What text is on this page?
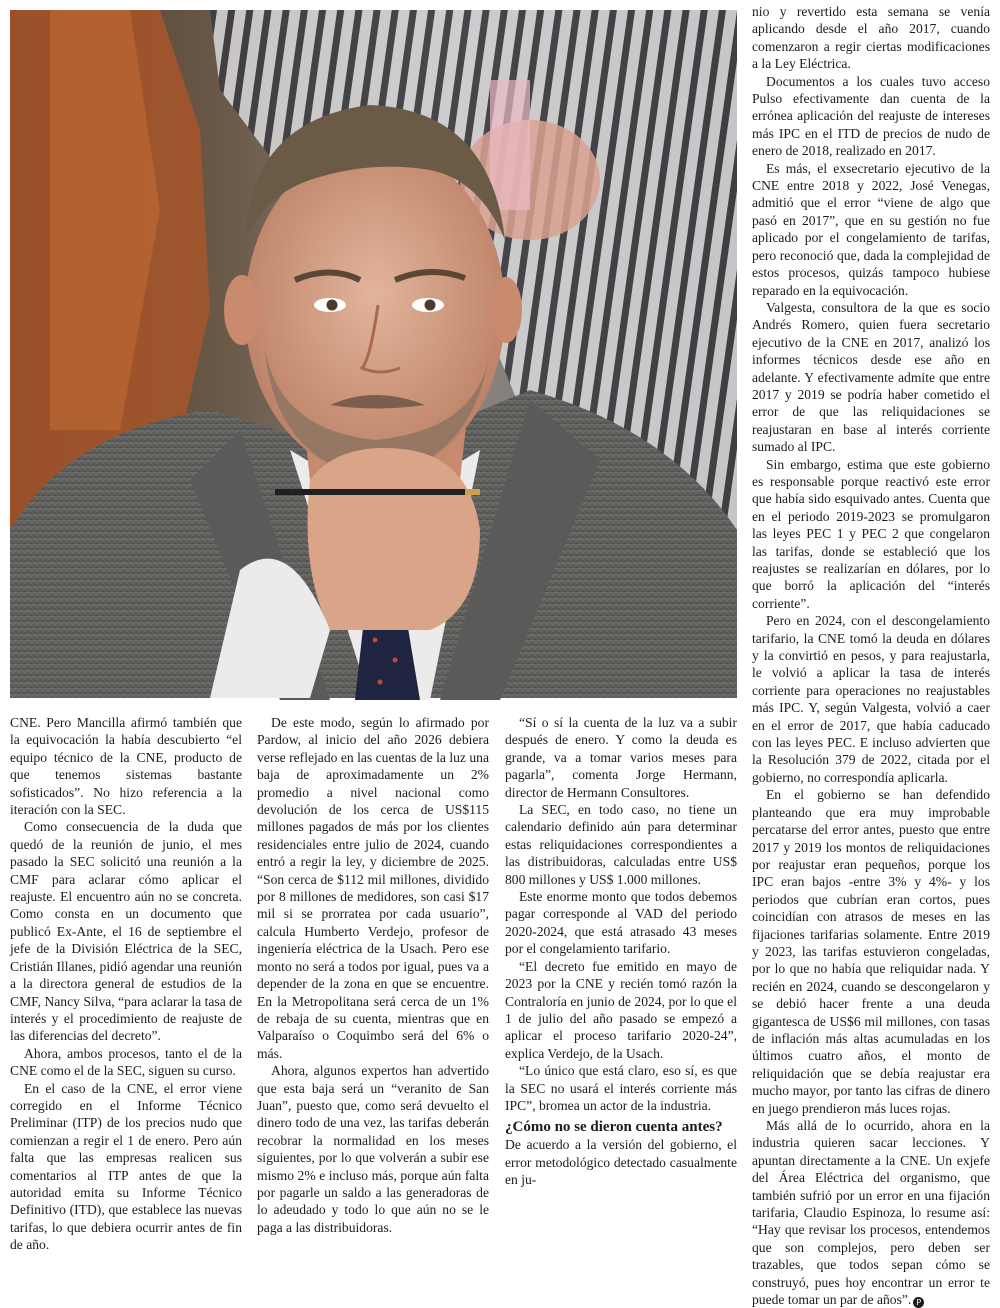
CNE. Pero Mancilla afirmó también que la equivocación la había descubierto “el equipo técnico de la CNE, producto de que tenemos sistemas bastante sofisticados”. No hizo referencia a la iteración con la SEC.

Como consecuencia de la duda que quedó de la reunión de junio, el mes pasado la SEC solicitó una reunión a la CMF para aclarar cómo aplicar el reajuste. El encuentro aún no se concreta. Como consta en un documento que publicó Ex-Ante, el 16 de septiembre el jefe de la División Eléctrica de la SEC, Cristián Illanes, pidió agendar una reunión a la directora general de estudios de la CMF, Nancy Silva, “para aclarar la tasa de interés y el procedimiento de reajuste de las diferencias del decreto”.

Ahora, ambos procesos, tanto el de la CNE como el de la SEC, siguen su curso.

En el caso de la CNE, el error viene corregido en el Informe Técnico Preliminar (ITP) de los precios nudo que comienzan a regir el 1 de enero. Pero aún falta que las empresas realicen sus comentarios al ITP antes de que la autoridad emita su Informe Técnico Definitivo (ITD), que establece las nuevas tarifas, lo que debiera ocurrir antes de fin de año.

De este modo, según lo afirmado por Pardow, al inicio del año 2026 debiera verse reflejado en las cuentas de la luz una baja de aproximadamente un 2% promedio a nivel nacional como devolución de los cerca de US$115 millones pagados de más por los clientes residenciales entre julio de 2024, cuando entró a regir la ley, y diciembre de 2025. “Son cerca de $112 mil millones, dividido por 8 millones de medidores, son casi $17 mil si se prorratea por cada usuario”, calcula Humberto Verdejo, profesor de ingeniería eléctrica de la Usach. Pero ese monto no será a todos por igual, pues va a depender de la zona en que se encuentre. En la Metropolitana será cerca de un 1% de rebaja de su cuenta, mientras que en Valparaíso o Coquimbo será del 6% o más.

Ahora, algunos expertos han advertido que esta baja será un “veranito de San Juan”, puesto que, como será devuelto el dinero todo de una vez, las tarifas deberán recobrar la normalidad en los meses siguientes, por lo que volverán a subir ese mismo 2% e incluso más, porque aún falta por pagarle un saldo a las generadoras de lo adeudado y todo lo que aún no se le paga a las distribuidoras.

“Sí o sí la cuenta de la luz va a subir después de enero. Y como la deuda es grande, va a tomar varios meses para pagarla”, comenta Jorge Hermann, director de Hermann Consultores.

La SEC, en todo caso, no tiene un calendario definido aún para determinar estas reliquidaciones correspondientes a las distribuidoras, calculadas entre US$ 800 millones y US$ 1.000 millones.

Este enorme monto que todos debemos pagar corresponde al VAD del periodo 2020-2024, que está atrasado 43 meses por el congelamiento tarifario.

“El decreto fue emitido en mayo de 2023 por la CNE y recién tomó razón la Contraloría en junio de 2024, por lo que el 1 de julio del año pasado se empezó a aplicar el proceso tarifario 2020-24”, explica Verdejo, de la Usach.

“Lo único que está claro, eso sí, es que la SEC no usará el interés corriente más IPC”, bromea un actor de la industria.

¿Cómo no se dieron cuenta antes?

De acuerdo a la versión del gobierno, el error metodológico detectado casualmente en ju-

nio y revertido esta semana se venía aplicando desde el año 2017, cuando comenzaron a regir ciertas modificaciones a la Ley Eléctrica.

Documentos a los cuales tuvo acceso Pulso efectivamente dan cuenta de la errónea aplicación del reajuste de intereses más IPC en el ITD de precios de nudo de enero de 2018, realizado en 2017.

Es más, el exsecretario ejecutivo de la CNE entre 2018 y 2022, José Venegas, admitió que el error “viene de algo que pasó en 2017”, que en su gestión no fue aplicado por el congelamiento de tarifas, pero reconoció que, dada la complejidad de estos procesos, quizás tampoco hubiese reparado en la equivocación.

Valgesta, consultora de la que es socio Andrés Romero, quien fuera secretario ejecutivo de la CNE en 2017, analizó los informes técnicos desde ese año en adelante. Y efectivamente admite que entre 2017 y 2019 se podría haber cometido el error de que las reliquidaciones se reajustaran en base al interés corriente sumado al IPC.

Sin embargo, estima que este gobierno es responsable porque reactivó este error que había sido esquivado antes. Cuenta que en el periodo 2019-2023 se promulgaron las leyes PEC 1 y PEC 2 que congelaron las tarifas, donde se estableció que los reajustes se realizarían en dólares, por lo que borró la aplicación del “interés corriente”.

Pero en 2024, con el descongelamiento tarifario, la CNE tomó la deuda en dólares y la convirtió en pesos, y para reajustarla, le volvió a aplicar la tasa de interés corriente para operaciones no reajustables más IPC. Y, según Valgesta, volvió a caer en el error de 2017, que había caducado con las leyes PEC. E incluso advierten que la Resolución 379 de 2022, citada por el gobierno, no correspondía aplicarla.

En el gobierno se han defendido planteando que era muy improbable percatarse del error antes, puesto que entre 2017 y 2019 los montos de reliquidaciones por reajustar eran pequeños, porque los IPC eran bajos -entre 3% y 4%- y los periodos que cubrían eran cortos, pues coincidían con atrasos de meses en las fijaciones tarifarias solamente. Entre 2019 y 2023, las tarifas estuvieron congeladas, por lo que no había que reliquidar nada. Y recién en 2024, cuando se descongelaron y se debió hacer frente a una deuda gigantesca de US$6 mil millones, con tasas de inflación más altas acumuladas en los últimos cuatro años, el monto de reliquidación que se debía reajustar era mucho mayor, por tanto las cifras de dinero en juego prendieron más luces rojas.

Más allá de lo ocurrido, ahora en la industria quieren sacar lecciones. Y apuntan directamente a la CNE. Un exjefe del Área Eléctrica del organismo, que también sufrió por un error en una fijación tarifaria, Claudio Espinoza, lo resume así: “Hay que revisar los procesos, entendemos que son complejos, pero deben ser trazables, que todos sepan cómo se construyó, pues hoy encontrar un error te puede tomar un par de años”. P
